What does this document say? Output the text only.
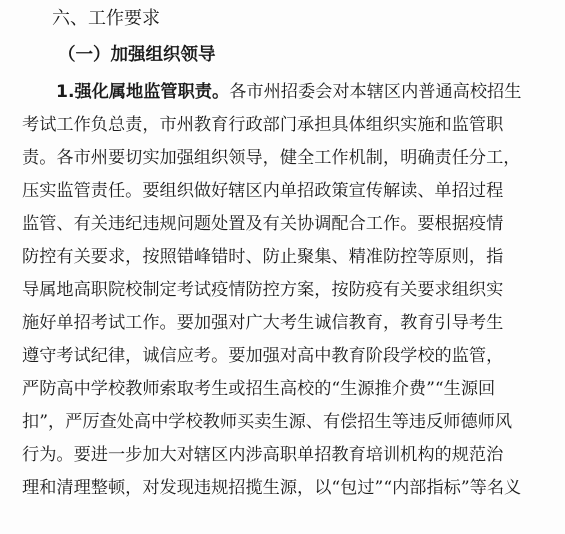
六、工作要求
（一）加强组织领导
1.强化属地监管职责。各市州招委会对本辖区内普通高校招生
考试工作负总责，市州教育行政部门承担具体组织实施和监管职
责。各市州要切实加强组织领导，健全工作机制，明确责任分工，
压实监管责任。要组织做好辖区内单招政策宣传解读、单招过程
监管、有关违纪违规问题处置及有关协调配合工作。要根据疫情
防控有关要求，按照错峰错时、防止聚集、精准防控等原则，指
导属地高职院校制定考试疫情防控方案，按防疫有关要求组织实
施好单招考试工作。要加强对广大考生诚信教育，教育引导考生
遵守考试纪律，诚信应考。要加强对高中教育阶段学校的监管，
严防高中学校教师索取考生或招生高校的“生源推介费”“生源回
扣”，严厉查处高中学校教师买卖生源、有偿招生等违反师德师风
行为。要进一步加大对辖区内涉高职单招教育培训机构的规范治
理和清理整顿，对发现违规招揽生源，以“包过”“内部指标”等名义
